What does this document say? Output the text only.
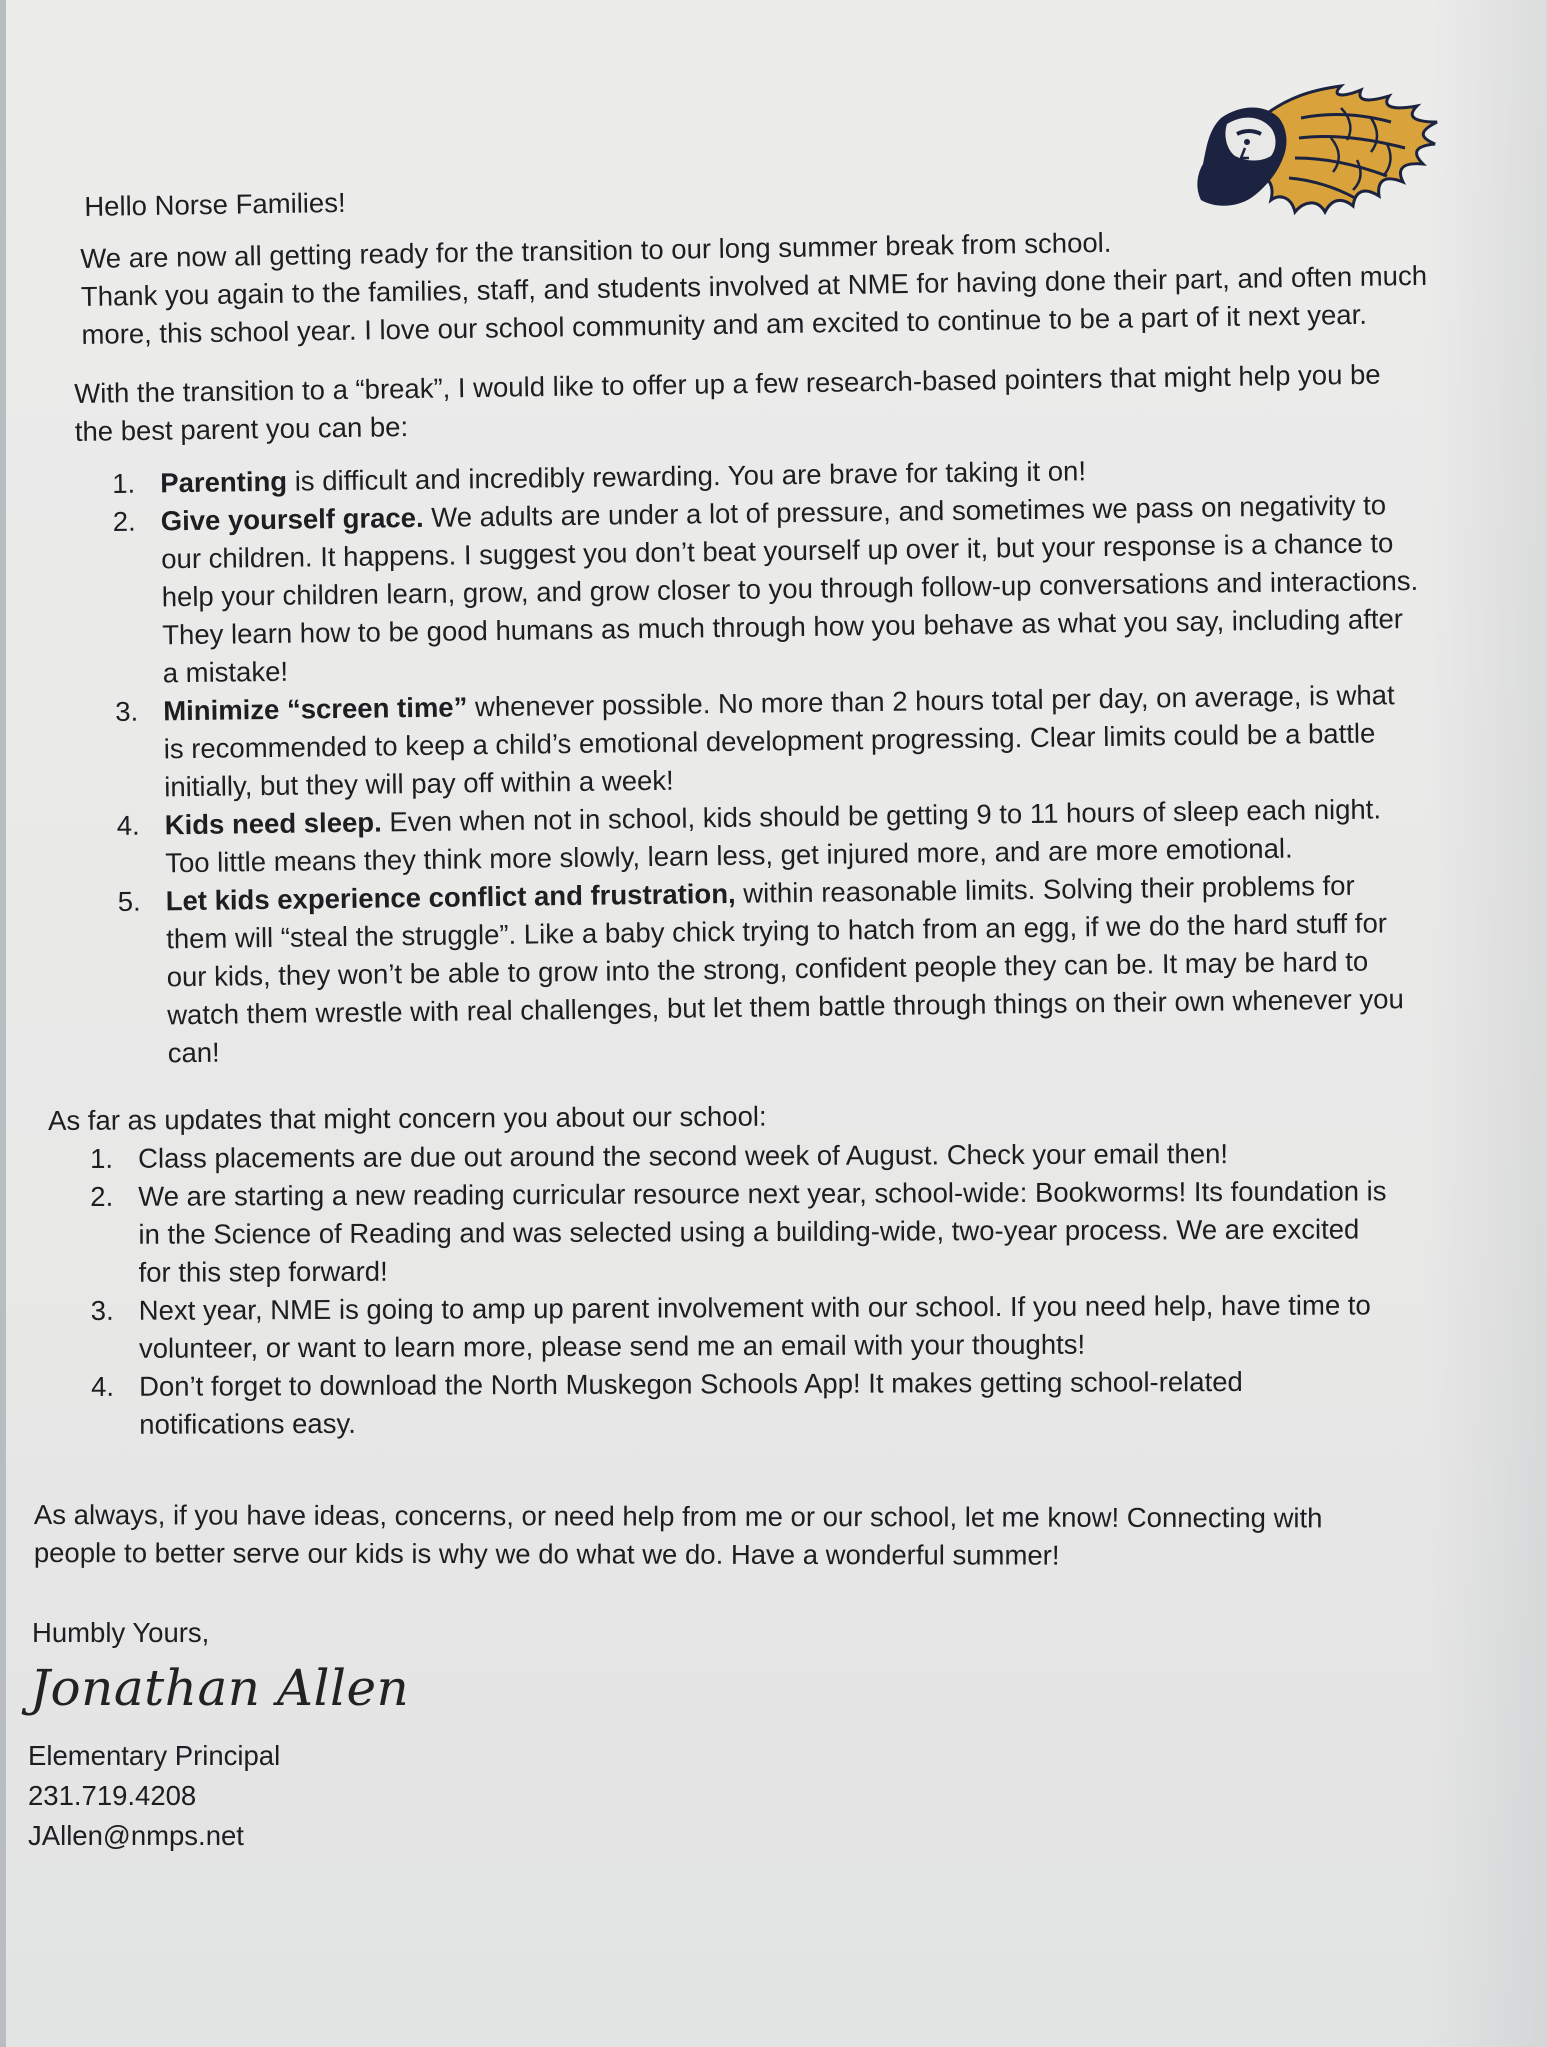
Hello Norse Families!

We are now all getting ready for the transition to our long summer break from school.
Thank you again to the families, staff, and students involved at NME for having done their part, and often much
more, this school year. I love our school community and am excited to continue to be a part of it next year.
With the transition to a “break”, I would like to offer up a few research-based pointers that might help you be
the best parent you can be:
1. Parenting is difficult and incredibly rewarding. You are brave for taking it on!
2. Give yourself grace. We adults are under a lot of pressure, and sometimes we pass on negativity to
our children. It happens. I suggest you don’t beat yourself up over it, but your response is a chance to
help your children learn, grow, and grow closer to you through follow-up conversations and interactions.
They learn how to be good humans as much through how you behave as what you say, including after
a mistake!
3. Minimize “screen time” whenever possible. No more than 2 hours total per day, on average, is what
is recommended to keep a child’s emotional development progressing. Clear limits could be a battle
initially, but they will pay off within a week!
4. Kids need sleep. Even when not in school, kids should be getting 9 to 11 hours of sleep each night.
Too little means they think more slowly, learn less, get injured more, and are more emotional.
5. Let kids experience conflict and frustration, within reasonable limits. Solving their problems for
them will “steal the struggle”. Like a baby chick trying to hatch from an egg, if we do the hard stuff for
our kids, they won’t be able to grow into the strong, confident people they can be. It may be hard to
watch them wrestle with real challenges, but let them battle through things on their own whenever you
can!

As far as updates that might concern you about our school:

1. Class placements are due out around the second week of August. Check your email then!
2. We are starting a new reading curricular resource next year, school-wide: Bookworms! Its foundation is
in the Science of Reading and was selected using a building-wide, two-year process. We are excited
for this step forward!
3. Next year, NME is going to amp up parent involvement with our school. If you need help, have time to
volunteer, or want to learn more, please send me an email with your thoughts!
4. Don’t forget to download the North Muskegon Schools App! It makes getting school-related
notifications easy.
As always, if you have ideas, concerns, or need help from me or our school, let me know! Connecting with
people to better serve our kids is why we do what we do. Have a wonderful summer!

Humbly Yours,

Jonathan Allen
Elementary Principal
231.719.4208
JAllen@nmps.net
